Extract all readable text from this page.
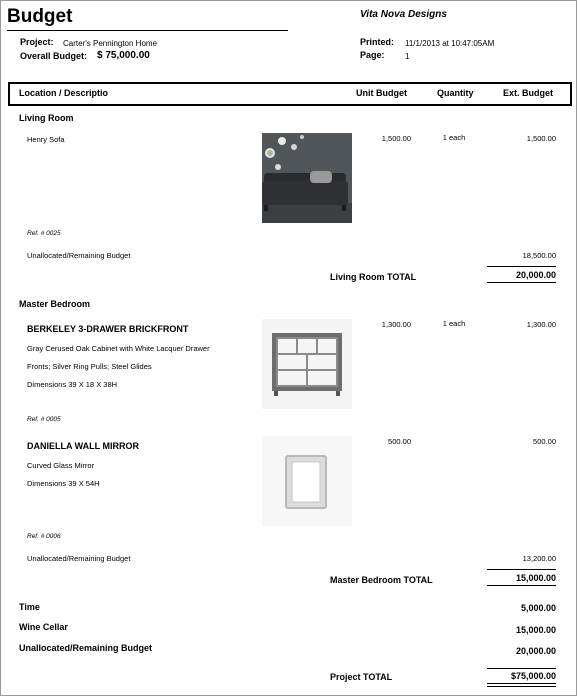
Budget	Vita Nova Designs
Project: Carter's Pennington Home
Overall Budget: $ 75,000.00
Printed: 11/1/2013 at 10:47:05AM
Page:	1
Location / Descriptio	Unit Budget	Quantity	Ext. Budget
Living Room
Henry Sofa	1,500.00	1 each	1,500.00
Ref. # 0025
Unallocated/Remaining Budget	18,500.00
Living Room TOTAL	20,000.00
Master Bedroom
BERKELEY 3-DRAWER BRICKFRONT
Gray Cerused Oak Cabinet with White Lacquer Drawer
Fronts; Silver Ring Pulls; Steel Glides
Dimensions 39 X 18 X 38H
1,300.00	1 each	1,300.00
Ref. # 0005
DANIELLA WALL MIRROR
Curved Glass Mirror
Dimensions 39 X 54H
500.00	500.00
Ref. # 0006
Unallocated/Remaining Budget	13,200.00
Master Bedroom TOTAL	15,000.00
Time	5,000.00
Wine Cellar	15,000.00
Unallocated/Remaining Budget	20,000.00
Project TOTAL	$75,000.00
